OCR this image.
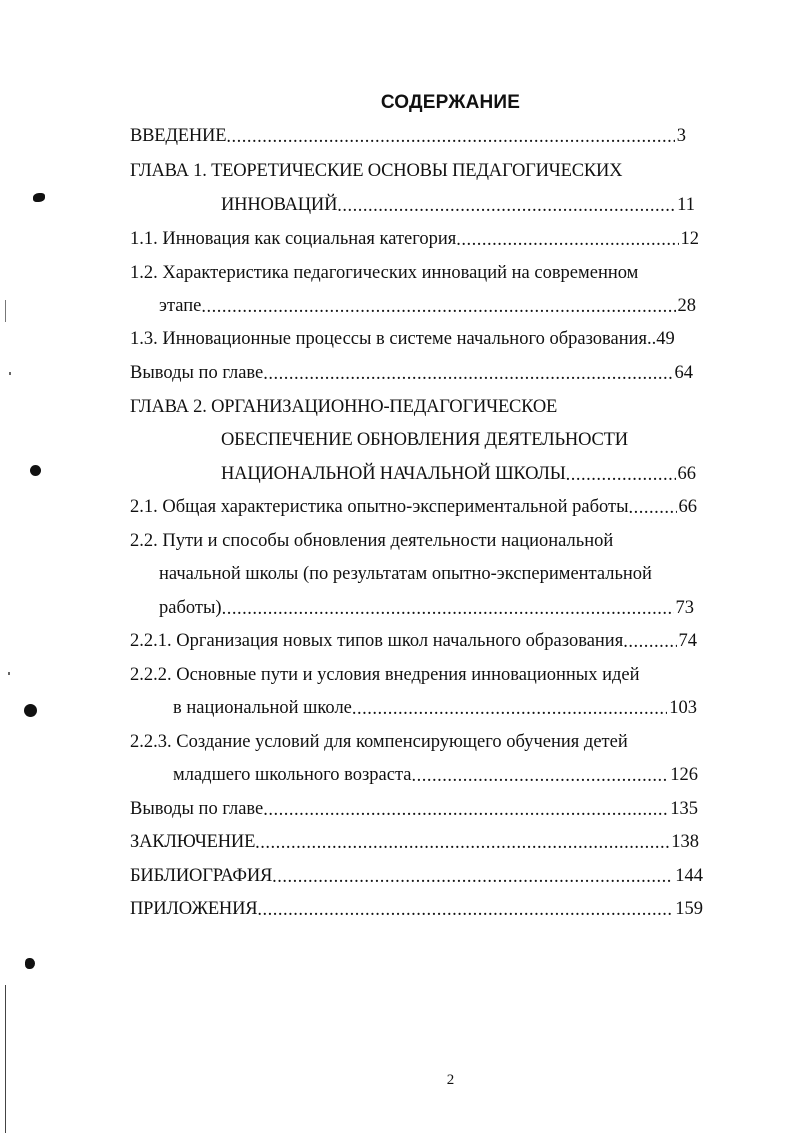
СОДЕРЖАНИЕ
ВВЕДЕНИЕ .....	3
ГЛАВА 1. ТЕОРЕТИЧЕСКИЕ ОСНОВЫ ПЕДАГОГИЧЕСКИХ
ИННОВАЦИЙ .....	11
1.1. Инновация как социальная категория .....	12
1.2. Характеристика педагогических инноваций на современном
этапе .....	28
1.3. Инновационные процессы в системе начального образования. .49
Выводы по главе .....	64
ГЛАВА 2. ОРГАНИЗАЦИОННО-ПЕДАГОГИЧЕСКОЕ
ОБЕСПЕЧЕНИЕ ОБНОВЛЕНИЯ ДЕЯТЕЛЬНОСТИ
НАЦИОНАЛЬНОЙ НАЧАЛЬНОЙ ШКОЛЫ .....	66
2.1. Общая характеристика опытно-экспериментальной работы .....	66
2.2. Пути и способы обновления деятельности национальной
начальной школы (по результатам опытно-экспериментальной
работы) .....	73
2.2.1. Организация новых типов школ начального образования .....	74
2.2.2. Основные пути и условия внедрения инновационных идей
в национальной школе .....	103
2.2.3. Создание условий для компенсирующего обучения детей
младшего школьного возраста .....	126
Выводы по главе .....	135
ЗАКЛЮЧЕНИЕ .....	138
БИБЛИОГРАФИЯ .....	144
ПРИЛОЖЕНИЯ .....	159
2
